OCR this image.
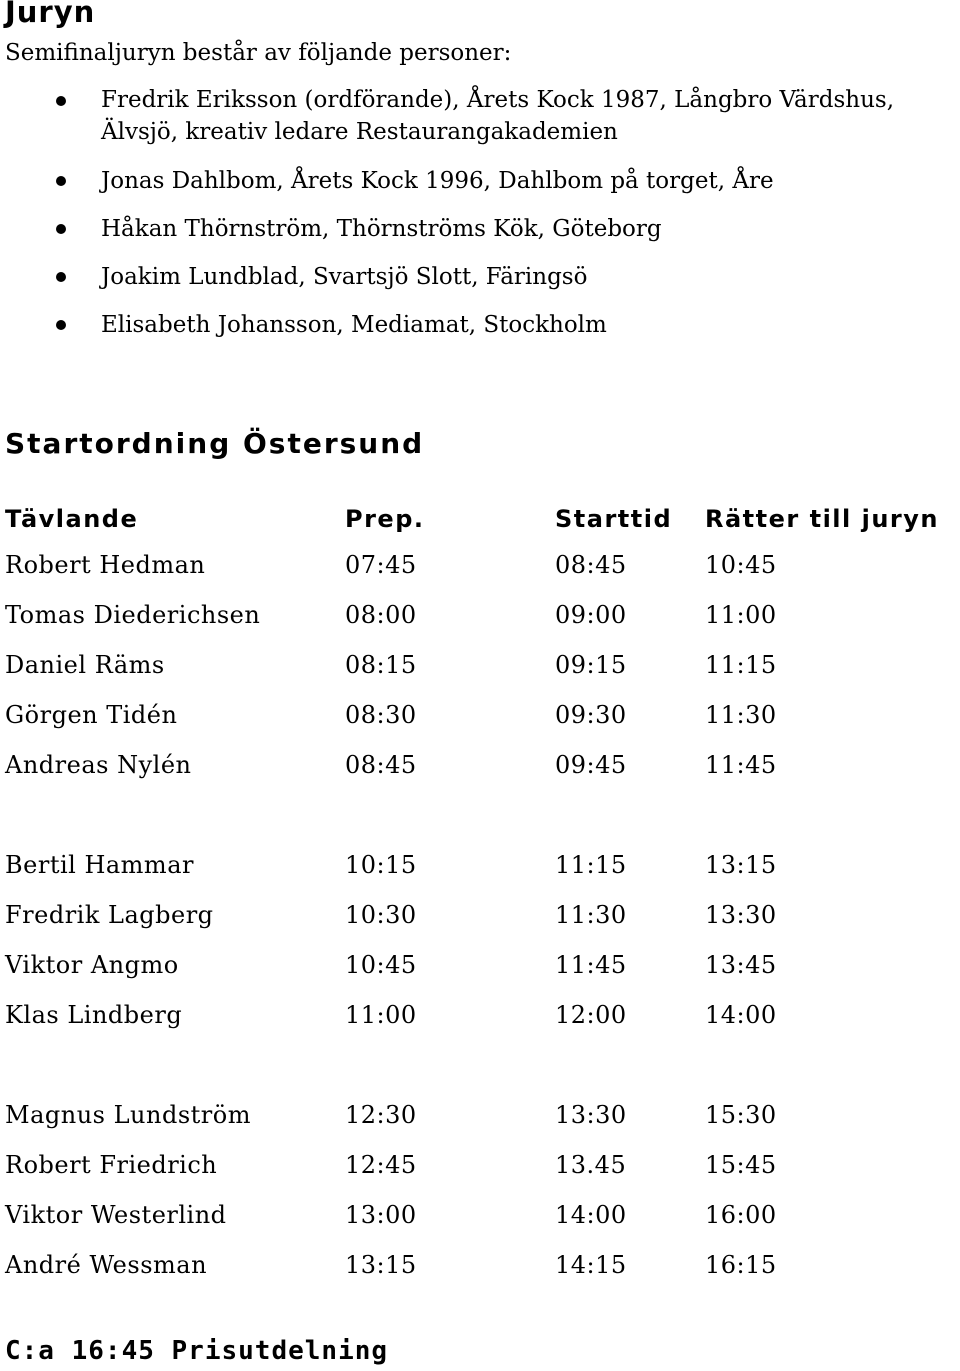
Juryn

Semifinaljuryn består av följande personer:

Fredrik Eriksson (ordförande), Årets Kock 1987, Långbro Värdshus,
Älvsjö, kreativ ledare Restaurangakademien
Jonas Dahlbom, Årets Kock 1996, Dahlbom på torget, Åre
Håkan Thörnström, Thörnströms Kök, Göteborg
Joakim Lundblad, Svartsjö Slott, Färingsö
Elisabeth Johansson, Mediamat, Stockholm
Startordning Östersund
Tävlande	Prep.	Starttid	Rätter till juryn
Robert Hedman	07:45	08:45	10:45
Tomas Diederichsen	08:00	09:00	11:00
Daniel Räms	08:15	09:15	11:15
Görgen Tidén	08:30	09:30	11:30
Andreas Nylén	08:45	09:45	11:45

Bertil Hammar	10:15	11:15	13:15
Fredrik Lagberg	10:30	11:30	13:30
Viktor Angmo	10:45	11:45	13:45
Klas Lindberg	11:00	12:00	14:00

Magnus Lundström	12:30	13:30	15:30
Robert Friedrich	12:45	13.45	15:45
Viktor Westerlind	13:00	14:00	16:00
André Wessman	13:15	14:15	16:15

C:a 16:45 Prisutdelning
